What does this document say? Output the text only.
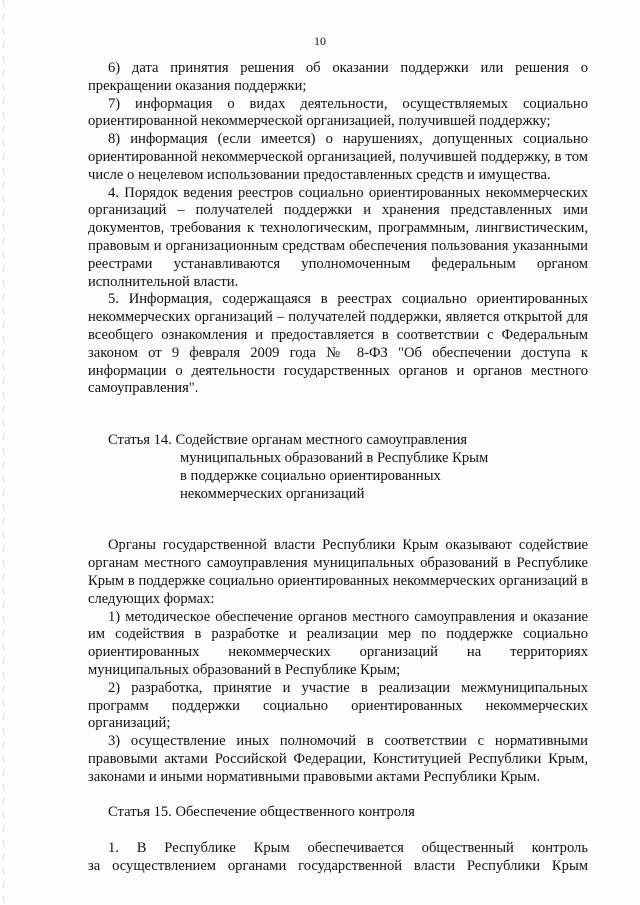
10

6) дата принятия решения об оказании поддержки или решения о прекращении оказания поддержки;

7) информация о видах деятельности, осуществляемых социально ориентированной некоммерческой организацией, получившей поддержку;

8) информация (если имеется) о нарушениях, допущенных социально ориентированной некоммерческой организацией, получившей поддержку, в том числе о нецелевом использовании предоставленных средств и имущества.

4. Порядок ведения реестров социально ориентированных некоммерческих организаций – получателей поддержки и хранения представленных ими документов, требования к технологическим, программным, лингвистическим, правовым и организационным средствам обеспечения пользования указанными реестрами устанавливаются уполномоченным федеральным органом исполнительной власти.

5. Информация, содержащаяся в реестрах социально ориентированных некоммерческих организаций – получателей поддержки, является открытой для всеобщего ознакомления и предоставляется в соответствии с Федеральным законом от 9 февраля 2009 года № 8-ФЗ "Об обеспечении доступа к информации о деятельности государственных органов и органов местного самоуправления".

Статья 14. Содействие органам местного самоуправления
муниципальных образований в Республике Крым
в поддержке социально ориентированных
некоммерческих организаций

Органы государственной власти Республики Крым оказывают содействие органам местного самоуправления муниципальных образований в Республике Крым в поддержке социально ориентированных некоммерческих организаций в следующих формах:

1) методическое обеспечение органов местного самоуправления и оказание им содействия в разработке и реализации мер по поддержке социально ориентированных некоммерческих организаций на территориях муниципальных образований в Республике Крым;

2) разработка, принятие и участие в реализации межмуниципальных программ поддержки социально ориентированных некоммерческих организаций;

3) осуществление иных полномочий в соответствии с нормативными правовыми актами Российской Федерации, Конституцией Республики Крым, законами и иными нормативными правовыми актами Республики Крым.

Статья 15. Обеспечение общественного контроля

1. В Республике Крым обеспечивается общественный контроль

за осуществлением органами государственной власти Республики Крым
